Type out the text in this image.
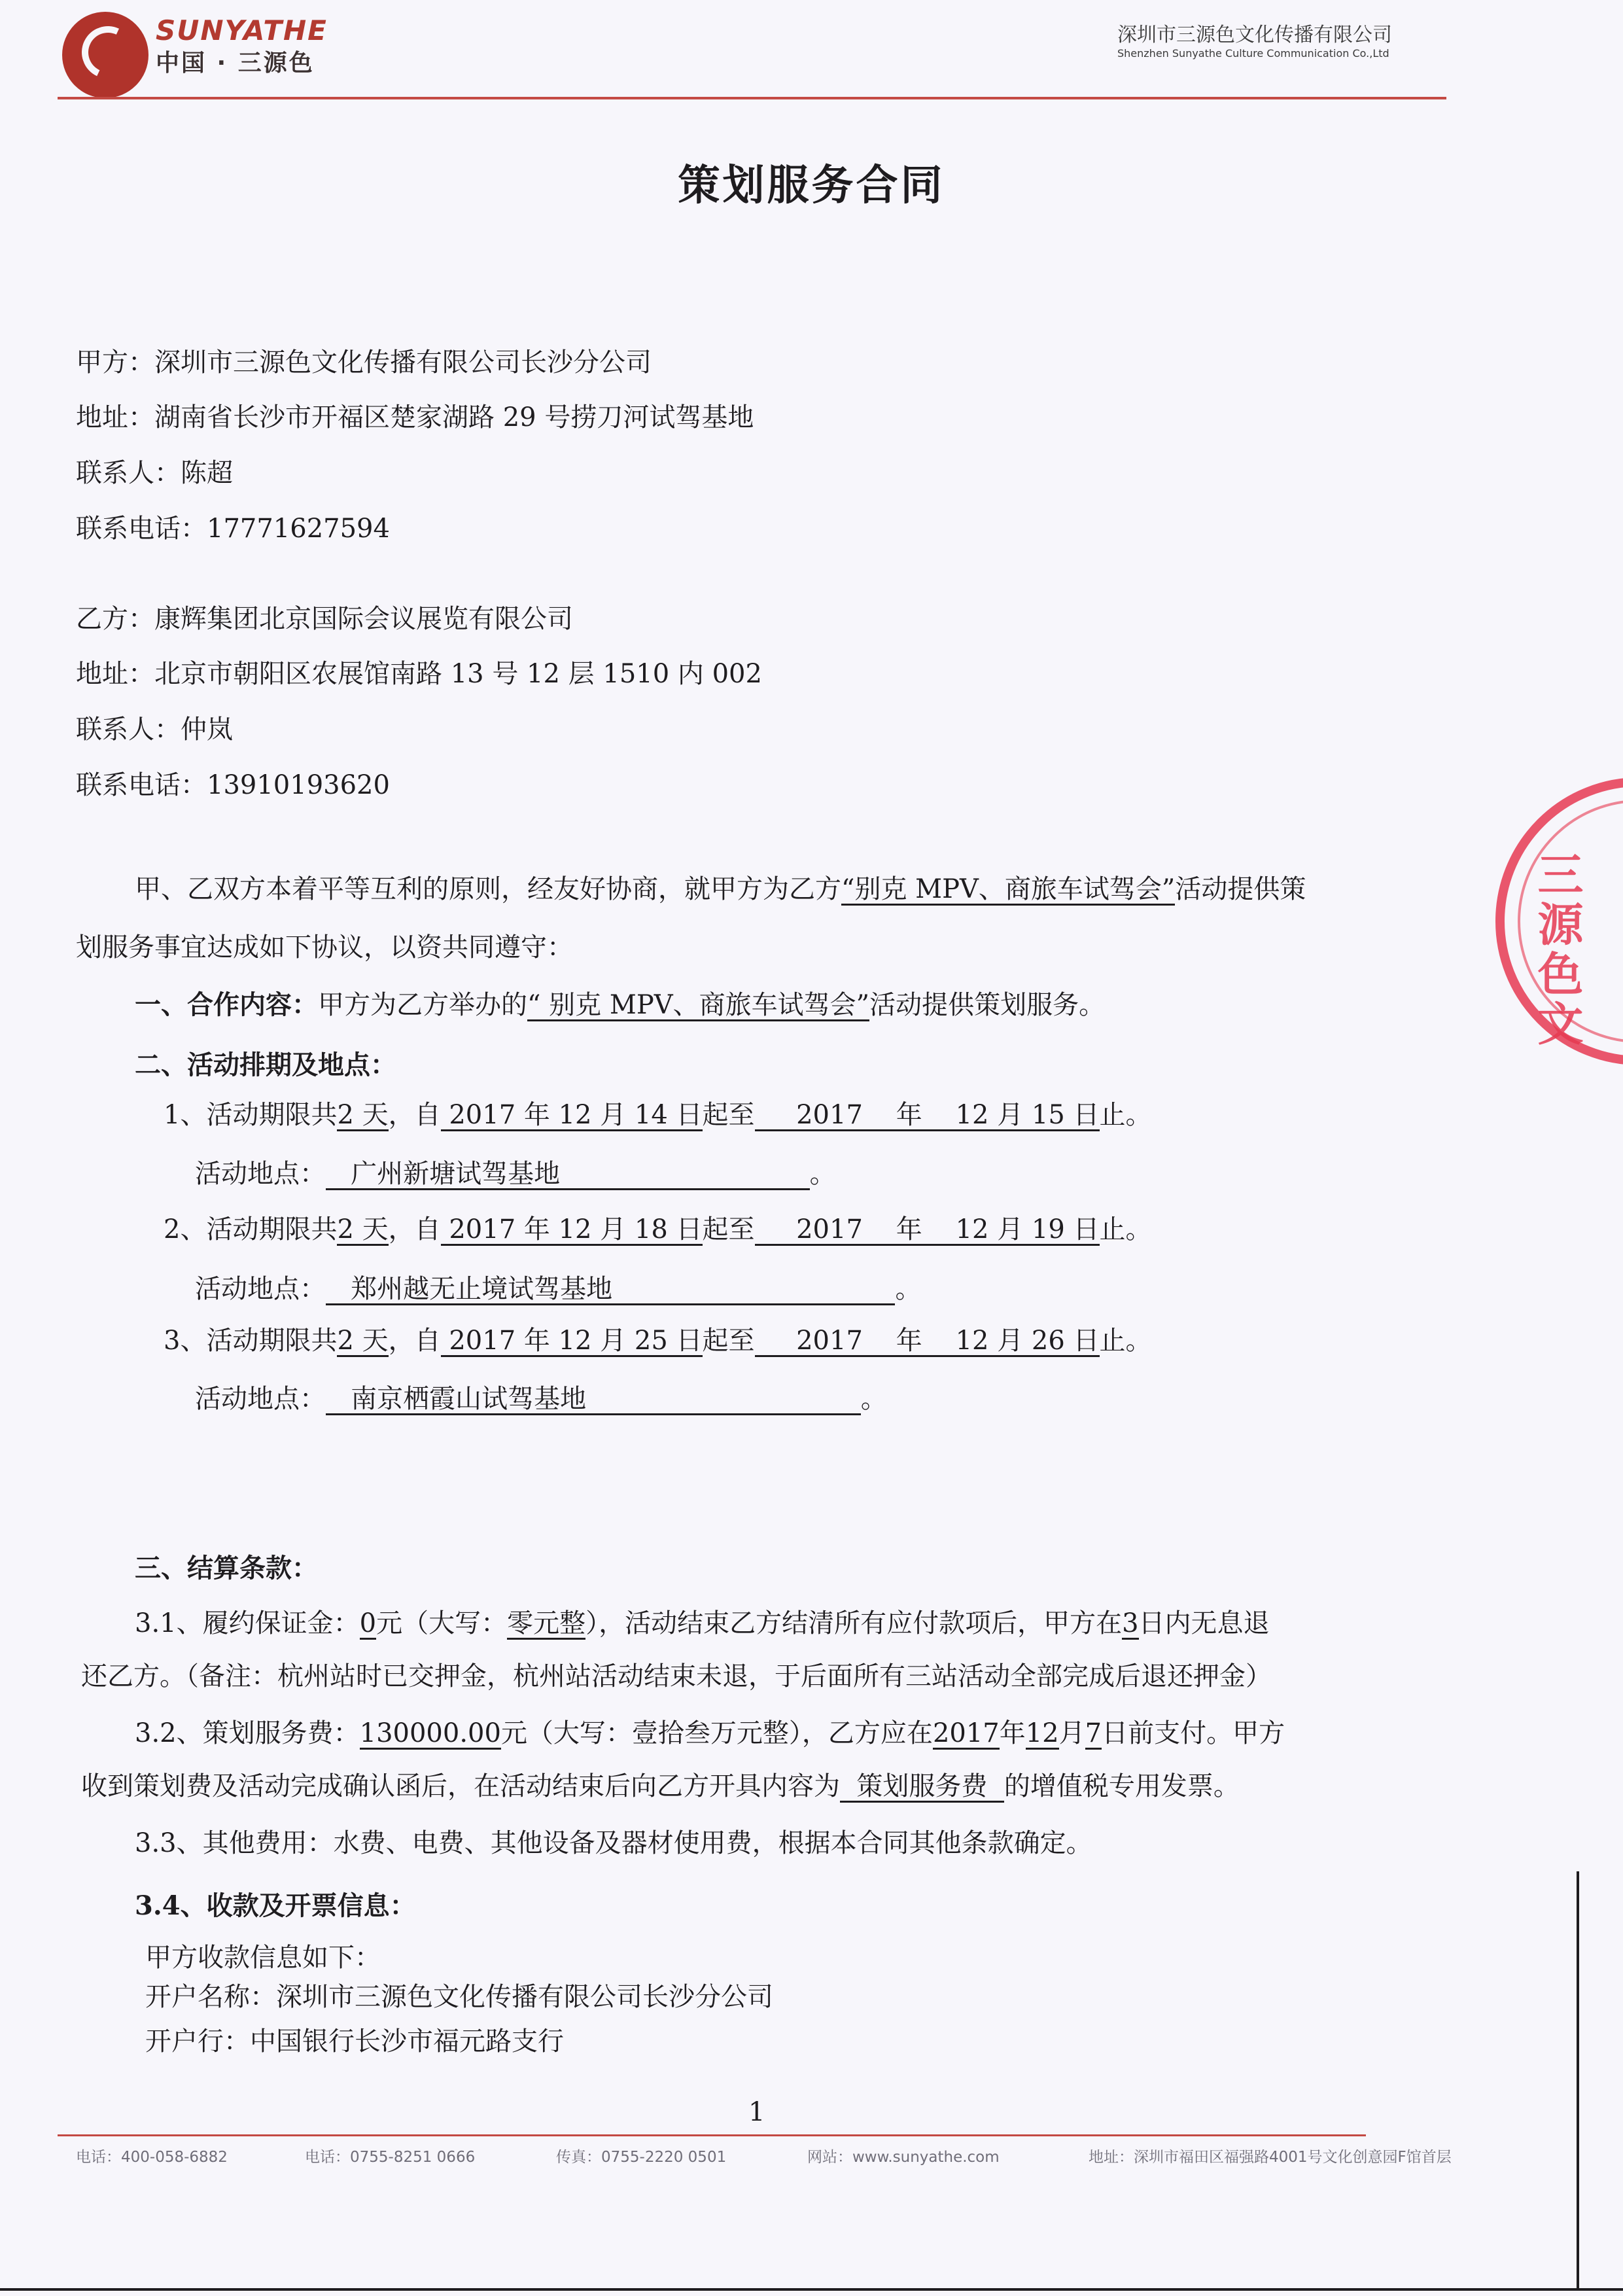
SUNYATHE
中国 · 三源色
深圳市三源色文化传播有限公司
Shenzhen Sunyathe Culture Communication Co.,Ltd
策划服务合同
甲方：深圳市三源色文化传播有限公司长沙分公司
地址：湖南省长沙市开福区楚家湖路 29 号捞刀河试驾基地
联系人：陈超
联系电话：17771627594
乙方：康辉集团北京国际会议展览有限公司
地址：北京市朝阳区农展馆南路 13 号 12 层 1510 内 002
联系人：仲岚
联系电话：13910193620
甲、乙双方本着平等互利的原则，经友好协商，就甲方为乙方“别克 MPV、商旅车试驾会”活动提供策
划服务事宜达成如下协议，以资共同遵守：
一、合作内容：甲方为乙方举办的“ 别克 MPV、商旅车试驾会”活动提供策划服务。
二、活动排期及地点：
1、活动期限共2 天，自 2017 年 12 月 14 日起至     2017    年    12 月 15 日止。
活动地点：   广州新塘试驾基地                              。
2、活动期限共2 天，自 2017 年 12 月 18 日起至     2017    年    12 月 19 日止。
活动地点：   郑州越无止境试驾基地                                  。
3、活动期限共2 天，自 2017 年 12 月 25 日起至     2017    年    12 月 26 日止。
活动地点：   南京栖霞山试驾基地                                 。
三、结算条款：
3.1、履约保证金：0元（大写：零元整），活动结束乙方结清所有应付款项后，甲方在3日内无息退
还乙方。（备注：杭州站时已交押金，杭州站活动结束未退，于后面所有三站活动全部完成后退还押金）
3.2、策划服务费：130000.00元（大写：壹拾叁万元整），乙方应在2017年12月7日前支付。甲方
收到策划费及活动完成确认函后，在活动结束后向乙方开具内容为  策划服务费  的增值税专用发票。
3.3、其他费用：水费、电费、其他设备及器材使用费，根据本合同其他条款确定。
3.4、收款及开票信息：
甲方收款信息如下：
开户名称：深圳市三源色文化传播有限公司长沙分公司
开户行：中国银行长沙市福元路支行
三源色文
1
电话：400-058-6882	电话：0755-8251 0666	传真：0755-2220 0501	网站：www.sunyathe.com	地址：深圳市福田区福强路4001号文化创意园F馆首层
